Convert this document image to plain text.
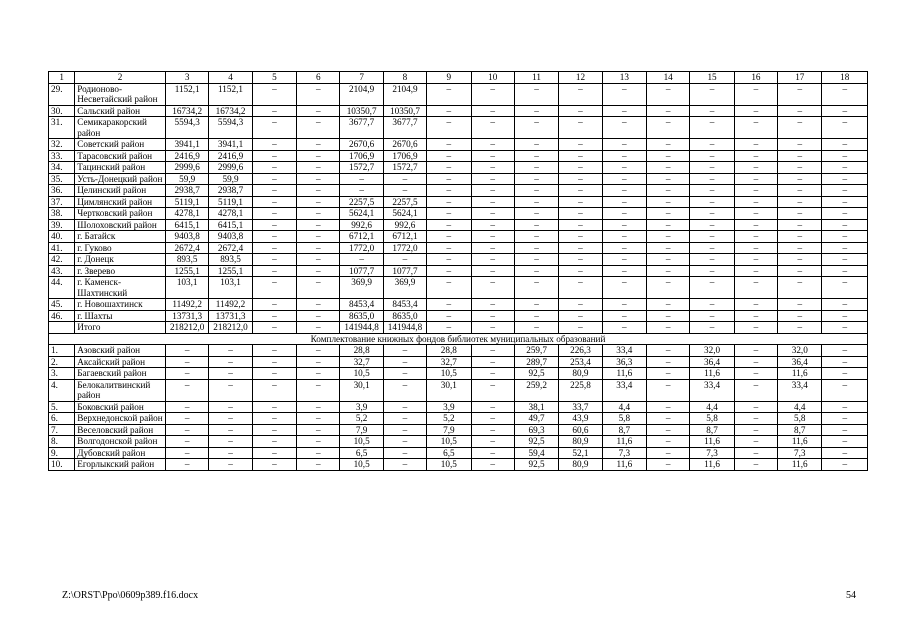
1	2	3	4	5	6	7	8	9	10	11	12	13	14	15	16	17	18
29.	Родионово-Несветайский район	1152,1	1152,1	–	–	2104,9	2104,9	–	–	–	–	–	–	–	–	–	–
30.	Сальский район	16734,2	16734,2	–	–	10350,7	10350,7	–	–	–	–	–	–	–	–	–	–
31.	Семикаракорский район	5594,3	5594,3	–	–	3677,7	3677,7	–	–	–	–	–	–	–	–	–	–
32.	Советский район	3941,1	3941,1	–	–	2670,6	2670,6	–	–	–	–	–	–	–	–	–	–
33.	Тарасовский район	2416,9	2416,9	–	–	1706,9	1706,9	–	–	–	–	–	–	–	–	–	–
34.	Тацинский район	2999,6	2999,6	–	–	1572,7	1572,7	–	–	–	–	–	–	–	–	–	–
35.	Усть-Донецкий район	59,9	59,9	–	–	–	–	–	–	–	–	–	–	–	–	–	–
36.	Целинский район	2938,7	2938,7	–	–	–	–	–	–	–	–	–	–	–	–	–	–
37.	Цимлянский район	5119,1	5119,1	–	–	2257,5	2257,5	–	–	–	–	–	–	–	–	–	–
38.	Чертковский район	4278,1	4278,1	–	–	5624,1	5624,1	–	–	–	–	–	–	–	–	–	–
39.	Шолоховский район	6415,1	6415,1	–	–	992,6	992,6	–	–	–	–	–	–	–	–	–	–
40.	г. Батайск	9403,8	9403,8	–	–	6712,1	6712,1	–	–	–	–	–	–	–	–	–	–
41.	г. Гуково	2672,4	2672,4	–	–	1772,0	1772,0	–	–	–	–	–	–	–	–	–	–
42.	г. Донецк	893,5	893,5	–	–	–	–	–	–	–	–	–	–	–	–	–	–
43.	г. Зверево	1255,1	1255,1	–	–	1077,7	1077,7	–	–	–	–	–	–	–	–	–	–
44.	г. Каменск-Шахтинский	103,1	103,1	–	–	369,9	369,9	–	–	–	–	–	–	–	–	–	–
45.	г. Новошахтинск	11492,2	11492,2	–	–	8453,4	8453,4	–	–	–	–	–	–	–	–	–	–
46.	г. Шахты	13731,3	13731,3	–	–	8635,0	8635,0	–	–	–	–	–	–	–	–	–	–
	Итого	218212,0	218212,0	–	–	141944,8	141944,8	–	–	–	–	–	–	–	–	–	–
Комплектование книжных фондов библиотек муниципальных образований																	
1.	Азовский район	–	–	–	–	28,8	–	28,8	–	259,7	226,3	33,4	–	32,0	–	32,0	–
2.	Аксайский район	–	–	–	–	32,7	–	32,7	–	289,7	253,4	36,3	–	36,4	–	36,4	–
3.	Багаевский район	–	–	–	–	10,5	–	10,5	–	92,5	80,9	11,6	–	11,6	–	11,6	–
4.	Белокалитвинский район	–	–	–	–	30,1	–	30,1	–	259,2	225,8	33,4	–	33,4	–	33,4	–
5.	Боковский район	–	–	–	–	3,9	–	3,9	–	38,1	33,7	4,4	–	4,4	–	4,4	–
6.	Верхнедонской район	–	–	–	–	5,2	–	5,2	–	49,7	43,9	5,8	–	5,8	–	5,8	–
7.	Веселовский район	–	–	–	–	7,9	–	7,9	–	69,3	60,6	8,7	–	8,7	–	8,7	–
8.	Волгодонской район	–	–	–	–	10,5	–	10,5	–	92,5	80,9	11,6	–	11,6	–	11,6	–
9.	Дубовский район	–	–	–	–	6,5	–	6,5	–	59,4	52,1	7,3	–	7,3	–	7,3	–
10.	Егорлыкский район	–	–	–	–	10,5	–	10,5	–	92,5	80,9	11,6	–	11,6	–	11,6	–
Z:\ORST\Ppo\0609p389.f16.docx	54
